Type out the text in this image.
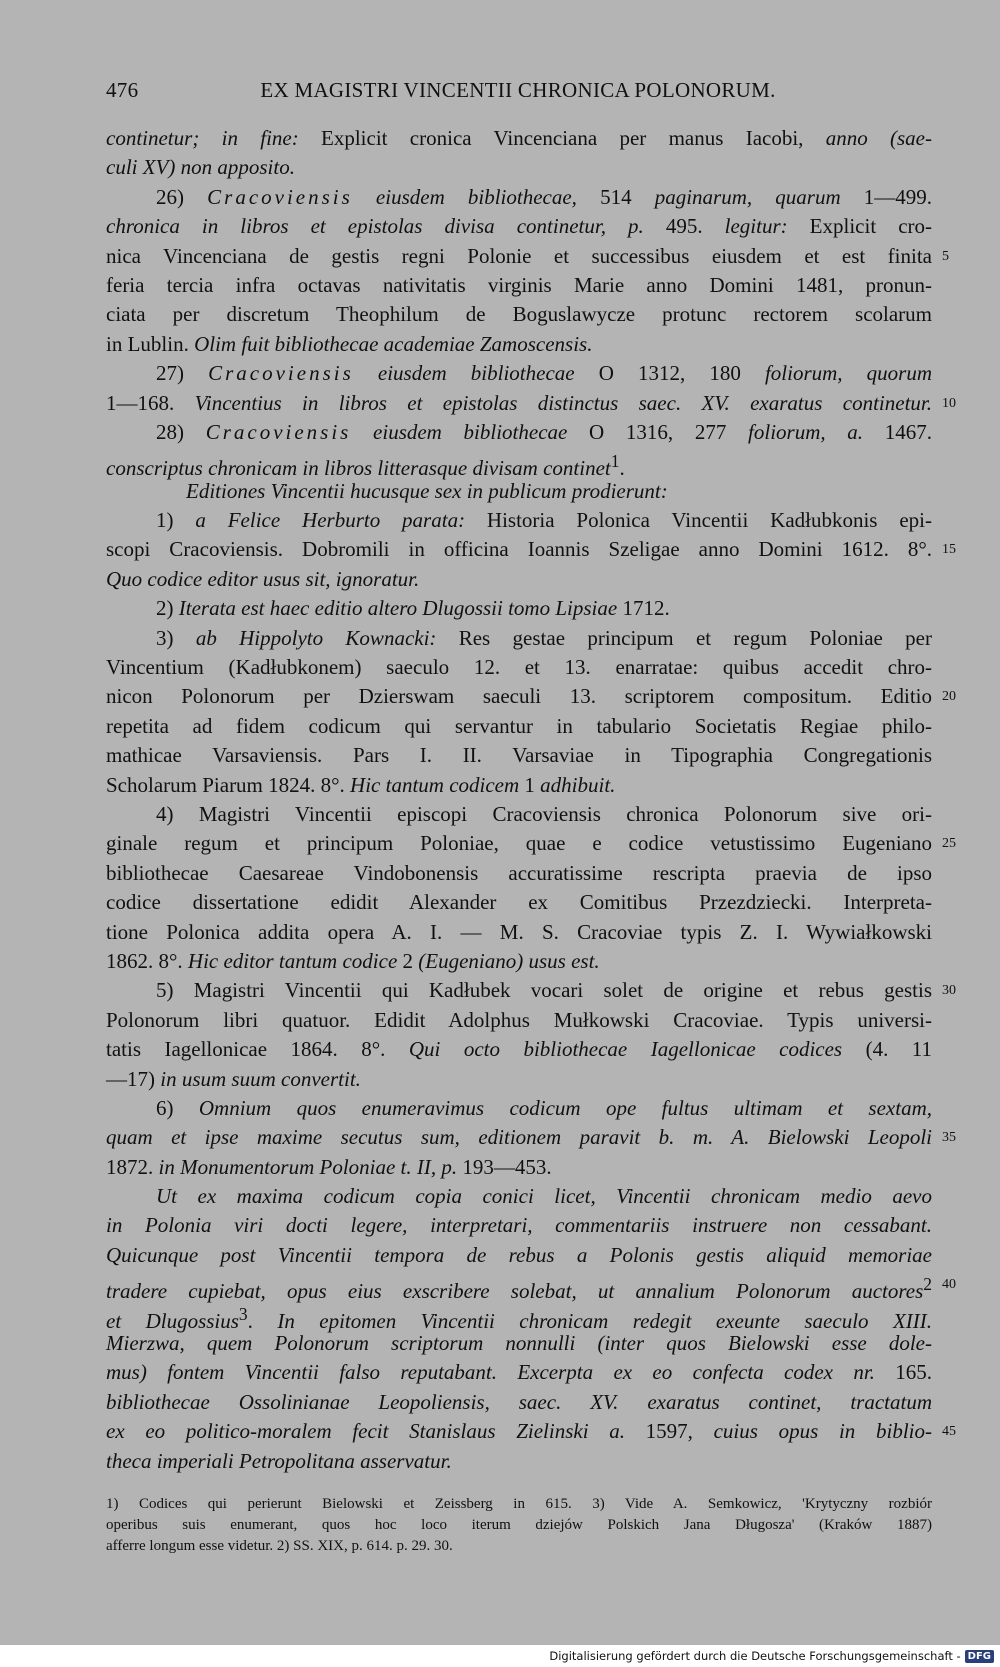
476	EX MAGISTRI VINCENTII CHRONICA POLONORUM.
continetur; in fine: Explicit cronica Vincenciana per manus Iacobi, anno (sae-
culi XV) non apposito.
26) Cracoviensis eiusdem bibliothecae, 514 paginarum, quarum 1—499.
chronica in libros et epistolas divisa continetur, p. 495. legitur: Explicit cro-
nica Vincenciana de gestis regni Polonie et successibus eiusdem et est finita 5
feria tercia infra octavas nativitatis virginis Marie anno Domini 1481, pronun-
ciata per discretum Theophilum de Boguslawycze protunc rectorem scolarum
in Lublin. Olim fuit bibliothecae academiae Zamoscensis.
27) Cracoviensis eiusdem bibliothecae O 1312, 180 foliorum, quorum
1—168. Vincentius in libros et epistolas distinctus saec. XV. exaratus continetur. 10
28) Cracoviensis eiusdem bibliothecae O 1316, 277 foliorum, a. 1467.
conscriptus chronicam in libros litterasque divisam continet$^1$.
Editiones Vincentii hucusque sex in publicum prodierunt:
1) a Felice Herburto parata: Historia Polonica Vincentii Kadłubkonis epi-
scopi Cracoviensis. Dobromili in officina Ioannis Szeligae anno Domini 1612. 8°. 15
Quo codice editor usus sit, ignoratur.
2) Iterata est haec editio altero Dlugossii tomo Lipsiae 1712.
3) ab Hippolyto Kownacki: Res gestae principum et regum Poloniae per
Vincentium (Kadłubkonem) saeculo 12. et 13. enarratae: quibus accedit chro-
nicon Polonorum per Dzierswam saeculi 13. scriptorem compositum. Editio 20
repetita ad fidem codicum qui servantur in tabulario Societatis Regiae philo-
mathicae Varsaviensis. Pars I. II. Varsaviae in Tipographia Congregationis
Scholarum Piarum 1824. 8°. Hic tantum codicem 1 adhibuit.
4) Magistri Vincentii episcopi Cracoviensis chronica Polonorum sive ori-
ginale regum et principum Poloniae, quae e codice vetustissimo Eugeniano 25
bibliothecae Caesareae Vindobonensis accuratissime rescripta praevia de ipso
codice dissertatione edidit Alexander ex Comitibus Przezdziecki. Interpreta-
tione Polonica addita opera A. I. — M. S. Cracoviae typis Z. I. Wywiałkowski
1862. 8°. Hic editor tantum codice 2 (Eugeniano) usus est.
5) Magistri Vincentii qui Kadłubek vocari solet de origine et rebus gestis 30
Polonorum libri quatuor. Edidit Adolphus Mułkowski Cracoviae. Typis universi-
tatis Iagellonicae 1864. 8°. Qui octo bibliothecae Iagellonicae codices (4. 11
—17) in usum suum convertit.
6) Omnium quos enumeravimus codicum ope fultus ultimam et sextam,
quam et ipse maxime secutus sum, editionem paravit b. m. A. Bielowski Leopoli 35
1872. in Monumentorum Poloniae t. II, p. 193—453.
Ut ex maxima codicum copia conici licet, Vincentii chronicam medio aevo
in Polonia viri docti legere, interpretari, commentariis instruere non cessabant.
Quicunque post Vincentii tempora de rebus a Polonis gestis aliquid memoriae
tradere cupiebat, opus eius exscribere solebat, ut annalium Polonorum auctores$^2$ 40
et Dlugossius$^3$. In epitomen Vincentii chronicam redegit exeunte saeculo XIII.
Mierzwa, quem Polonorum scriptorum nonnulli (inter quos Bielowski esse dole-
mus) fontem Vincentii falso reputabant. Excerpta ex eo confecta codex nr. 165.
bibliothecae Ossolinianae Leopoliensis, saec. XV. exaratus continet, tractatum
ex eo politico-moralem fecit Stanislaus Zielinski a. 1597, cuius opus in biblio- 45
theca imperiali Petropolitana asservatur.
1) Codices qui perierunt Bielowski et Zeissberg in 615. 3) Vide A. Semkowicz, 'Krytyczny rozbiór
operibus suis enumerant, quos hoc loco iterum dziejów Polskich Jana Długosza' (Kraków 1887)
afferre longum esse videtur. 2) SS. XIX, p. 614. p. 29. 30.
Digitalisierung gefördert durch die Deutsche Forschungsgemeinschaft - DFG
